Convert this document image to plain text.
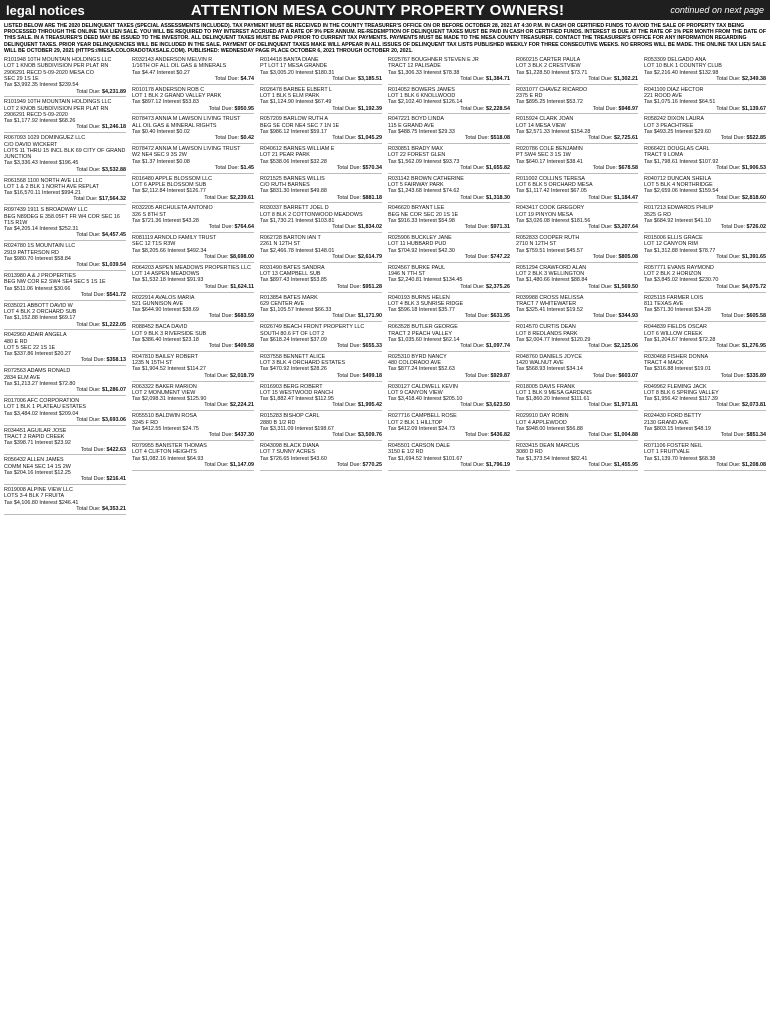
legal notices	ATTENTION MESA COUNTY PROPERTY OWNERS!	continued on next page
LISTED BELOW ARE THE 2020 DELINQUENT TAXES (SPECIAL ASSESSMENTS INCLUDED). TAX PAYMENT MUST BE RECEIVED IN THE COUNTY TREASURER'S OFFICE ON OR BEFORE OCTOBER 28, 2021 AT 4:30 P.M. IN CASH OR CERTIFIED FUNDS TO AVOID THE SALE OF PROPERTY TAX BEING PROCESSED THROUGH THE ONLINE TAX LIEN SALE. YOU WILL BE REQUIRED TO PAY INTEREST ACCRUED AT A RATE OF 9% PER ANNUM. RE-REDEMPTION OF DELINQUENT TAXES MUST BE PAID IN CASH OR CERTIFIED FUNDS. INTEREST IS DUE AT THE RATE OF 1% PER MONTH FROM THE DATE OF THIS SALE. IN A TREASURER'S DEED MAY BE ISSUED TO THE INVESTOR. ALL DELINQUENT TAXES MUST BE PAID PRIOR TO CURRENT TAX PAYMENTS. PAYMENTS MUST BE MADE TO THE MESA COUNTY TREASURER. CONTACT THE TREASURER'S OFFICE FOR ANY INFORMATION REGARDING DELINQUENT TAXES. PRIOR YEAR DELINQUENCIES WILL BE INCLUDED IN THE SALE. PAYMENT OF DELINQUENT TAXES MAKE WILL APPEAR IN ALL ISSUES OF DELINQUENT TAX LISTS PUBLISHED WEEKLY FOR THREE CONSECUTIVE WEEKS. NO ERRORS WILL BE MADE. THE ONLINE TAX LIEN SALE WILL BE OCTOBER 29, 2021 (HTTPS://MESA.COLORADOTAXSALE.COM). PUBLISHED: WEDNESDAY PAGE PLACE OCTOBER 6, 2021 THROUGH OCTOBER 20, 2021.
R101948 10TH MOUNTAIN HOLDINGS LLC
LOT 1 KNOB SUBDIVISION PER PLAT RN 2906291 RECD 5-09-2020 MESA CO
SEC 29 1S 1E
Tax $3,992.35 Interest $239.54
Total Due: $4,231.89
R101949 10TH MOUNTAIN HOLDINGS LLC
LOT 2 KNOB SUBDIVISION PER PLAT RN 2906291 RECD 5-09-2020
Tax $1,177.92 Interest $68.26
Total Due: $1,246.18
R067093 1029 DOMINGUEZ LLC
C/O DAVID WICKERT
LOTS 11 THRU 15 INCL BLK 69 CITY OF GRAND JUNCTION
Tax $3,336.43 Interest $196.45
Total Due: $3,532.88
R061568 1100 NORTH AVE LLC
LOT 1 & 2 BLK 1 NORTH AVE REPLAT
Tax $16,570.11 Interest $994.21
Total Due: $17,564.32
R097439 1911 S BROADWAY LLC
BEG N89DEG E 358.05FT FR W4 COR SEC 16 T1S R1W
Tax $4,205.14 Interest $252.31
Total Due: $4,457.45
R024780 1S MOUNTAIN LLC
2919 PATTERSON RD
Tax $980.70 Interest $58.84
Total Due: $1,039.54
R013980 A & J PROPERTIES
BEG NW COR E2 SW4 SE4 SEC 5 1S 1E
Tax $511.06 Interest $30.66
Total Due: $541.72
R035021 ABBOTT DAVID W
LOT 4 BLK 2 ORCHARD SUB
Tax $1,152.88 Interest $69.17
Total Due: $1,222.05
R042960 ADAIR ANGELA
480 E RD
LOT 5 SEC 22 1S 1E
Tax $337.86 Interest $20.27
Total Due: $358.13
R072563 ADAMS RONALD
2834 ELM AVE
Tax $1,213.27 Interest $72.80
Total Due: $1,286.07
R017006 AFC CORPORATION
LOT 1 BLK 1 PLATEAU ESTATES
Tax $3,484.02 Interest $209.04
Total Due: $3,693.06
R034451 AGUILAR JOSE
TRACT 2 RAPID CREEK
Tax $398.71 Interest $23.92
Total Due: $422.63
R056432 ALLEN JAMES
COMM NE4 SEC 14 1S 2W
Tax $204.16 Interest $12.25
Total Due: $216.41
R019008 ALPINE VIEW LLC
LOTS 3-4 BLK 7 FRUITA
Tax $4,106.80 Interest $246.41
Total Due: $4,353.21
R032143 ANDERSON MELVIN R
1/16TH OF ALL OIL GAS & MINERALS
Tax $4.47 Interest $0.27
Total Due: $4.74
R010178 ANDERSON ROB C
LOT 1 BLK 2 GRAND VALLEY PARK
Tax $897.12 Interest $53.83
Total Due: $950.95
R078473 ANNIA M LAWSON LIVING TRUST
ALL OIL GAS & MINERAL RIGHTS
Tax $0.40 Interest $0.02
Total Due: $0.42
R078472 ANNIA M LAWSON LIVING TRUST
W2 NE4 SEC 9 3S 2W
Tax $1.37 Interest $0.08
Total Due: $1.45
R016480 APPLE BLOSSOM LLC
LOT 6 APPLE BLOSSOM SUB
Tax $2,112.84 Interest $126.77
Total Due: $2,239.61
R032205 ARCHULETA ANTONIO
326 S 8TH ST
Tax $721.36 Interest $43.28
Total Due: $764.64
R081119 ARNOLD FAMILY TRUST
SEC 12 T1S R3W
Tax $8,205.66 Interest $492.34
Total Due: $8,698.00
R064203 ASPEN MEADOWS PROPERTIES LLC
LOT 14 ASPEN MEADOWS
Tax $1,532.18 Interest $91.93
Total Due: $1,624.11
R022914 AVALOS MARIA
521 GUNNISON AVE
Tax $644.90 Interest $38.69
Total Due: $683.59
R088452 BACA DAVID
LOT 9 BLK 3 RIVERSIDE SUB
Tax $386.40 Interest $23.18
Total Due: $409.58
R047810 BAILEY ROBERT
1235 N 15TH ST
Tax $1,904.52 Interest $114.27
Total Due: $2,018.79
R063322 BAKER MARION
LOT 2 MONUMENT VIEW
Tax $2,098.31 Interest $125.90
Total Due: $2,224.21
R055510 BALDWIN ROSA
3245 F RD
Tax $412.55 Interest $24.75
Total Due: $437.30
R079955 BANISTER THOMAS
LOT 4 CLIFTON HEIGHTS
Tax $1,082.16 Interest $64.93
Total Due: $1,147.09
R014418 BANTA DIANE
PT LOT 17 MESA GRANDE
Tax $3,005.20 Interest $180.31
Total Due: $3,185.51
R026478 BARBEE ELBERT L
LOT 1 BLK 5 ELM PARK
Tax $1,124.90 Interest $67.49
Total Due: $1,192.39
R057209 BARLOW RUTH A
BEG SE COR NE4 SEC 7 1N 1E
Tax $986.12 Interest $59.17
Total Due: $1,045.29
R040612 BARNES WILLIAM E
LOT 21 PEAR PARK
Tax $538.06 Interest $32.28
Total Due: $570.34
R021525 BARNES WILLIS
C/O RUTH BARNES
Tax $831.30 Interest $49.88
Total Due: $881.18
R030337 BARRETT JOEL D
LOT 8 BLK 2 COTTONWOOD MEADOWS
Tax $1,730.21 Interest $103.81
Total Due: $1,834.02
R062728 BARTON IAN T
2261 N 12TH ST
Tax $2,466.78 Interest $148.01
Total Due: $2,614.79
R031490 BATES SANDRA
LOT 13 CAMPBELL SUB
Tax $897.43 Interest $53.85
Total Due: $951.28
R013854 BATES MARK
629 CENTER AVE
Tax $1,105.57 Interest $66.33
Total Due: $1,171.90
R026749 BEACH FRONT PROPERTY LLC
SOUTH 80.6 FT OF LOT 2
Tax $618.24 Interest $37.09
Total Due: $655.33
R037558 BENNETT ALICE
LOT 3 BLK 4 ORCHARD ESTATES
Tax $470.92 Interest $28.26
Total Due: $499.18
R016903 BERG ROBERT
LOT 15 WESTWOOD RANCH
Tax $1,882.47 Interest $112.95
Total Due: $1,995.42
R015283 BISHOP CARL
2880 B 1/2 RD
Tax $3,311.09 Interest $198.67
Total Due: $3,509.76
R043098 BLACK DIANA
LOT 7 SUNNY ACRES
Tax $726.65 Interest $43.60
Total Due: $770.25
R025767 BOUGHNER STEVEN E JR
TRACT 12 PALISADE
Tax $1,306.33 Interest $78.38
Total Due: $1,384.71
R014052 BOWERS JAMES
LOT 1 BLK 6 KNOLLWOOD
Tax $2,102.40 Interest $126.14
Total Due: $2,228.54
R047221 BOYD LINDA
115 E GRAND AVE
Tax $488.75 Interest $29.33
Total Due: $518.08
R030851 BRADY MAX
LOT 22 FOREST GLEN
Tax $1,562.09 Interest $93.73
Total Due: $1,655.82
R031142 BROWN CATHERINE
LOT 5 FAIRWAY PARK
Tax $1,243.68 Interest $74.62
Total Due: $1,318.30
R046620 BRYANT LEE
BEG NE COR SEC 20 1S 1E
Tax $916.33 Interest $54.98
Total Due: $971.31
R025906 BUCKLEY JANE
LOT 11 HUBBARD PUD
Tax $704.92 Interest $42.30
Total Due: $747.22
R024567 BURKE PAUL
1946 N 7TH ST
Tax $2,240.81 Interest $134.45
Total Due: $2,375.26
R040193 BURNS HELEN
LOT 4 BLK 3 SUNRISE RIDGE
Tax $596.18 Interest $35.77
Total Due: $631.95
R063528 BUTLER GEORGE
TRACT 2 PEACH VALLEY
Tax $1,035.60 Interest $62.14
Total Due: $1,097.74
R025310 BYRD NANCY
480 COLORADO AVE
Tax $877.24 Interest $52.63
Total Due: $929.87
R030127 CALDWELL KEVIN
LOT 9 CANYON VIEW
Tax $3,418.40 Interest $205.10
Total Due: $3,623.50
R027716 CAMPBELL ROSE
LOT 2 BLK 1 HILLTOP
Tax $412.09 Interest $24.73
Total Due: $436.82
R045501 CARSON DALE
3150 E 1/2 RD
Tax $1,694.52 Interest $101.67
Total Due: $1,796.19
R060215 CARTER PAULA
LOT 3 BLK 2 CRESTVIEW
Tax $1,228.50 Interest $73.71
Total Due: $1,302.21
R031077 CHAVEZ RICARDO
2375 E RD
Tax $895.25 Interest $53.72
Total Due: $948.97
R015924 CLARK JOAN
LOT 14 MESA VIEW
Tax $2,571.33 Interest $154.28
Total Due: $2,725.61
R020786 COLE BENJAMIN
PT SW4 SEC 3 1S 1W
Tax $640.17 Interest $38.41
Total Due: $678.58
R011002 COLLINS TERESA
LOT 6 BLK 5 ORCHARD MESA
Tax $1,117.42 Interest $67.05
Total Due: $1,184.47
R043417 COOK GREGORY
LOT 19 PINYON MESA
Tax $3,026.08 Interest $181.56
Total Due: $3,207.64
R052833 COOPER RUTH
2710 N 12TH ST
Tax $759.51 Interest $45.57
Total Due: $805.08
R051294 CRAWFORD ALAN
LOT 2 BLK 3 WELLINGTON
Tax $1,480.66 Interest $88.84
Total Due: $1,569.50
R039988 CROSS MELISSA
TRACT 7 WHITEWATER
Tax $325.41 Interest $19.52
Total Due: $344.93
R014570 CURTIS DEAN
LOT 8 REDLANDS PARK
Tax $2,004.77 Interest $120.29
Total Due: $2,125.06
R048760 DANIELS JOYCE
1420 WALNUT AVE
Tax $568.93 Interest $34.14
Total Due: $603.07
R018005 DAVIS FRANK
LOT 1 BLK 9 MESA GARDENS
Tax $1,860.20 Interest $111.61
Total Due: $1,971.81
R029910 DAY ROBIN
LOT 4 APPLEWOOD
Tax $948.00 Interest $56.88
Total Due: $1,004.88
R033415 DEAN MARCUS
3080 D RD
Tax $1,373.54 Interest $82.41
Total Due: $1,455.95
R053309 DELGADO ANA
LOT 10 BLK 1 COUNTRY CLUB
Tax $2,216.40 Interest $132.98
Total Due: $2,349.38
R041100 DIAZ HECTOR
221 ROOD AVE
Tax $1,075.16 Interest $64.51
Total Due: $1,139.67
R058242 DIXON LAURA
LOT 3 PEACHTREE
Tax $493.25 Interest $29.60
Total Due: $522.85
R066421 DOUGLAS CARL
TRACT 9 LOMA
Tax $1,798.61 Interest $107.92
Total Due: $1,906.53
R040712 DUNCAN SHEILA
LOT 5 BLK 4 NORTHRIDGE
Tax $2,659.06 Interest $159.54
Total Due: $2,818.60
R017213 EDWARDS PHILIP
3525 G RD
Tax $684.92 Interest $41.10
Total Due: $726.02
R015006 ELLIS GRACE
LOT 12 CANYON RIM
Tax $1,312.88 Interest $78.77
Total Due: $1,391.65
R057771 EVANS RAYMOND
LOT 2 BLK 2 HORIZON
Tax $3,845.02 Interest $230.70
Total Due: $4,075.72
R025115 FARMER LOIS
811 TEXAS AVE
Tax $571.30 Interest $34.28
Total Due: $605.58
R044839 FIELDS OSCAR
LOT 6 WILLOW CREEK
Tax $1,204.67 Interest $72.28
Total Due: $1,276.95
R030468 FISHER DONNA
TRACT 4 MACK
Tax $316.88 Interest $19.01
Total Due: $335.89
R049962 FLEMING JACK
LOT 8 BLK 6 SPRING VALLEY
Tax $1,956.42 Interest $117.39
Total Due: $2,073.81
R024430 FORD BETTY
2130 GRAND AVE
Tax $803.15 Interest $48.19
Total Due: $851.34
R071106 FOSTER NEIL
LOT 1 FRUITVALE
Tax $1,139.70 Interest $68.38
Total Due: $1,208.08
